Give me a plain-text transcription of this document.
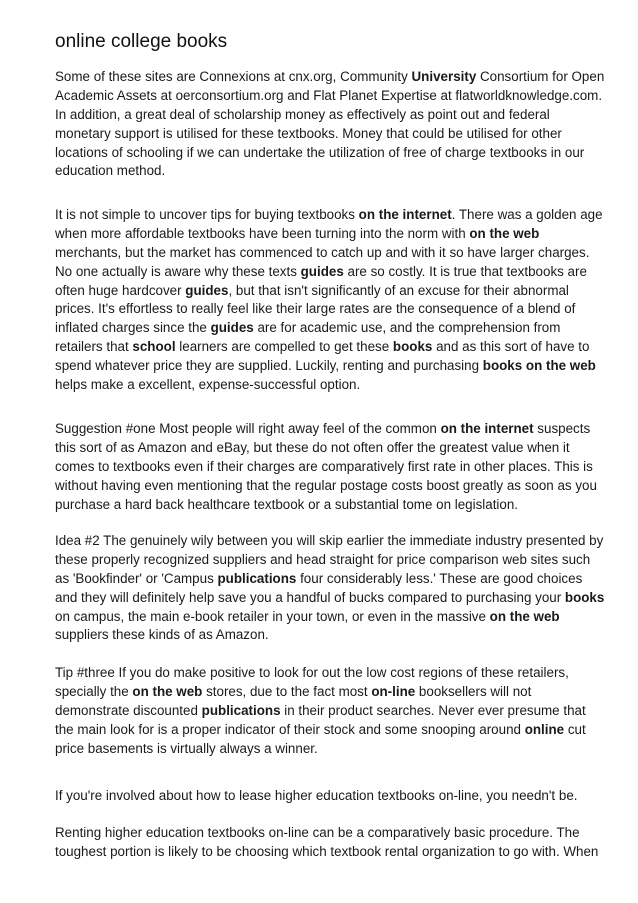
online college books
Some of these sites are Connexions at cnx.org, Community University Consortium for Open
Academic Assets at oerconsortium.org and Flat Planet Expertise at flatworldknowledge.com.
In addition, a great deal of scholarship money as effectively as point out and federal
monetary support is utilised for these textbooks. Money that could be utilised for other
locations of schooling if we can undertake the utilization of free of charge textbooks in our
education method.
It is not simple to uncover tips for buying textbooks on the internet. There was a golden age
when more affordable textbooks have been turning into the norm with on the web
merchants, but the market has commenced to catch up and with it so have larger charges.
No one actually is aware why these texts guides are so costly. It is true that textbooks are
often huge hardcover guides, but that isn't significantly of an excuse for their abnormal
prices. It's effortless to really feel like their large rates are the consequence of a blend of
inflated charges since the guides are for academic use, and the comprehension from
retailers that school learners are compelled to get these books and as this sort of have to
spend whatever price they are supplied. Luckily, renting and purchasing books on the web
helps make a excellent, expense-successful option.
Suggestion #one Most people will right away feel of the common on the internet suspects
this sort of as Amazon and eBay, but these do not often offer the greatest value when it
comes to textbooks even if their charges are comparatively first rate in other places. This is
without having even mentioning that the regular postage costs boost greatly as soon as you
purchase a hard back healthcare textbook or a substantial tome on legislation.
Idea #2 The genuinely wily between you will skip earlier the immediate industry presented by
these properly recognized suppliers and head straight for price comparison web sites such
as 'Bookfinder' or 'Campus publications four considerably less.' These are good choices
and they will definitely help save you a handful of bucks compared to purchasing your books
on campus, the main e-book retailer in your town, or even in the massive on the web
suppliers these kinds of as Amazon.
Tip #three If you do make positive to look for out the low cost regions of these retailers,
specially the on the web stores, due to the fact most on-line booksellers will not
demonstrate discounted publications in their product searches. Never ever presume that
the main look for is a proper indicator of their stock and some snooping around online cut
price basements is virtually always a winner.
If you're involved about how to lease higher education textbooks on-line, you needn't be.
Renting higher education textbooks on-line can be a comparatively basic procedure. The
toughest portion is likely to be choosing which textbook rental organization to go with. When
